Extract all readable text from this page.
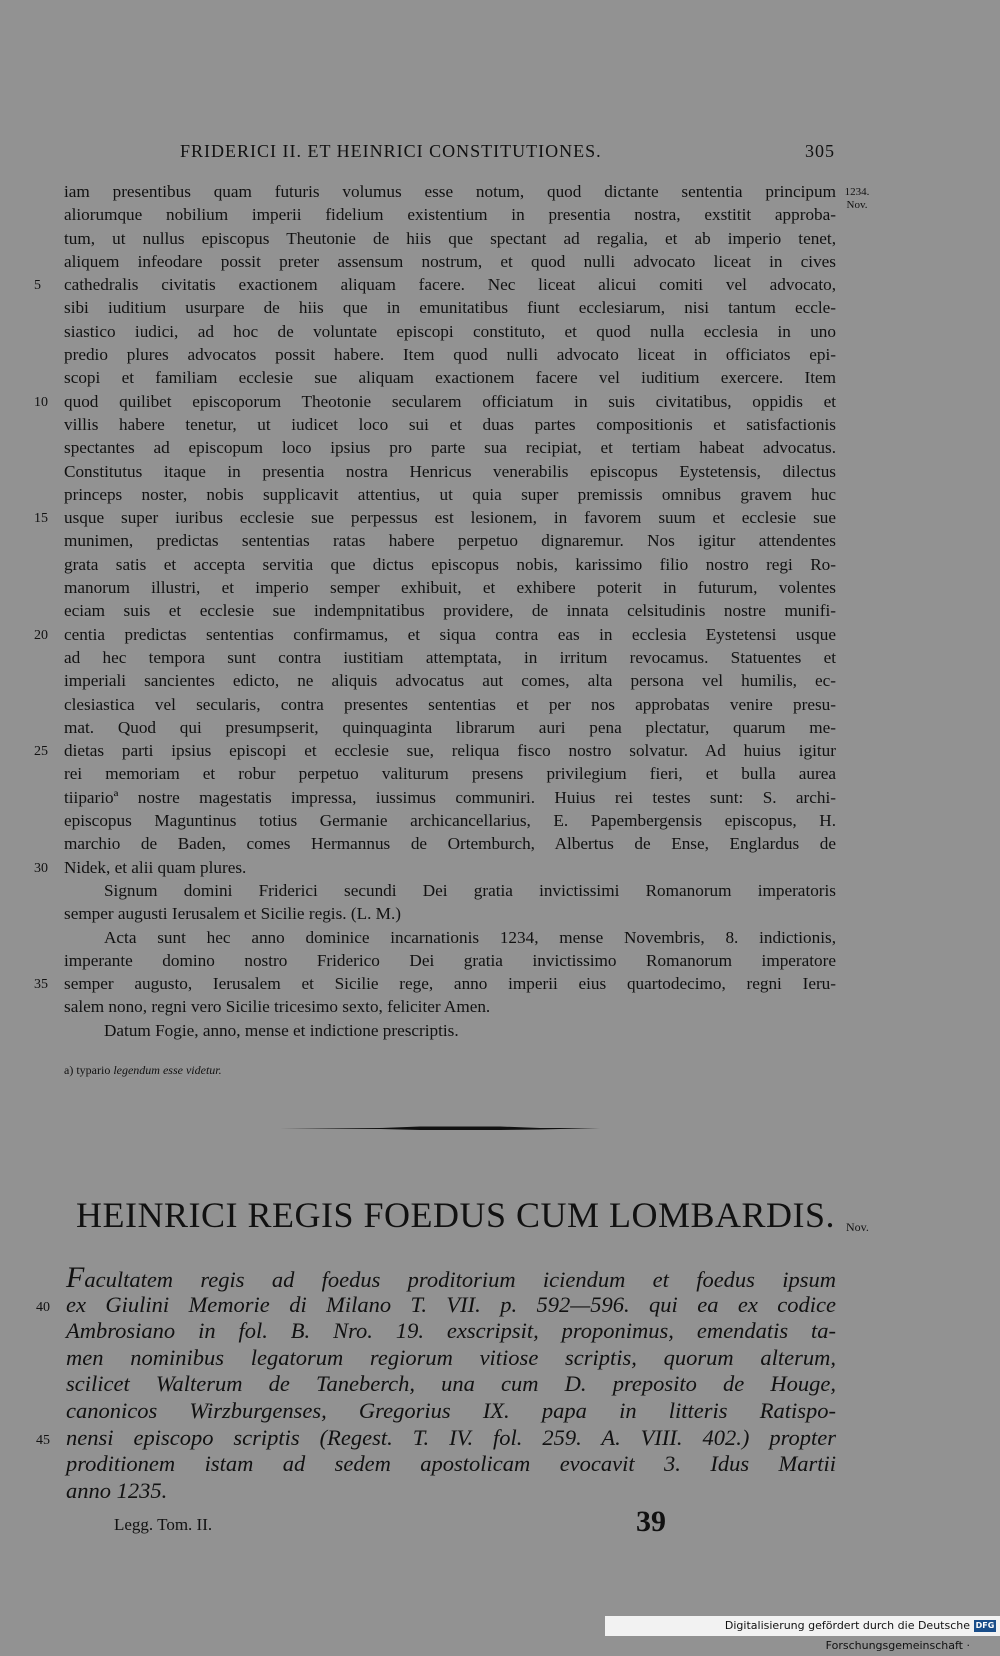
FRIDERICI II. ET HEINRICI CONSTITUTIONES.	305
1234.
Nov.
iam presentibus quam futuris volumus esse notum, quod dictante sententia principum
aliorumque nobilium imperii fidelium existentium in presentia nostra, exstitit approba-
tum, ut nullus episcopus Theutonie de hiis que spectant ad regalia, et ab imperio tenet,
aliquem infeodare possit preter assensum nostrum, et quod nulli advocato liceat in cives
5	cathedralis civitatis exactionem aliquam facere. Nec liceat alicui comiti vel advocato,
sibi iuditium usurpare de hiis que in emunitatibus fiunt ecclesiarum, nisi tantum eccle-
siastico iudici, ad hoc de voluntate episcopi constituto, et quod nulla ecclesia in uno
predio plures advocatos possit habere. Item quod nulli advocato liceat in officiatos epi-
scopi et familiam ecclesie sue aliquam exactionem facere vel iuditium exercere. Item
10 quod quilibet episcoporum Theotonie secularem officiatum in suis civitatibus, oppidis et
villis habere tenetur, ut iudicet loco sui et duas partes compositionis et satisfactionis
spectantes ad episcopum loco ipsius pro parte sua recipiat, et tertiam habeat advocatus.
Constitutus itaque in presentia nostra Henricus venerabilis episcopus Eystetensis, dilectus
princeps noster, nobis supplicavit attentius, ut quia super premissis omnibus gravem huc
15 usque super iuribus ecclesie sue perpessus est lesionem, in favorem suum et ecclesie sue
munimen, predictas sententias ratas habere perpetuo dignaremur. Nos igitur attendentes
grata satis et accepta servitia que dictus episcopus nobis, karissimo filio nostro regi Ro-
manorum illustri, et imperio semper exhibuit, et exhibere poterit in futurum, volentes
eciam suis et ecclesie sue indempnitatibus providere, de innata celsitudinis nostre munifi-
20 centia predictas sententias confirmamus, et siqua contra eas in ecclesia Eystetensi usque
ad hec tempora sunt contra iustitiam attemptata, in irritum revocamus. Statuentes et
imperiali sancientes edicto, ne aliquis advocatus aut comes, alta persona vel humilis, ec-
clesiastica vel secularis, contra presentes sententias et per nos approbatas venire presu-
mat. Quod qui presumpserit, quinquaginta librarum auri pena plectatur, quarum me-
25 dietas parti ipsius episcopi et ecclesie sue, reliqua fisco nostro solvatur. Ad huius igitur
rei memoriam et robur perpetuo valiturum presens privilegium fieri, et bulla aurea
tiiparioª nostre magestatis impressa, iussimus communiri. Huius rei testes sunt: S. archi-
episcopus Maguntinus totius Germanie archicancellarius, E. Papembergensis episcopus, H.
marchio de Baden, comes Hermannus de Ortemburch, Albertus de Ense, Englardus de
30 Nidek, et alii quam plures.
Signum domini Friderici secundi Dei gratia invictissimi Romanorum imperatoris
semper augusti Ierusalem et Sicilie regis. (L. M.)
Acta sunt hec anno dominice incarnationis 1234, mense Novembris, 8. indictionis,
imperante domino nostro Friderico Dei gratia invictissimo Romanorum imperatore
35 semper augusto, Ierusalem et Sicilie rege, anno imperii eius quartodecimo, regni Ieru-
salem nono, regni vero Sicilie tricesimo sexto, feliciter Amen.
Datum Fogie, anno, mense et indictione prescriptis.
a) typario legendum esse videtur.
HEINRICI REGIS FOEDUS CUM LOMBARDIS. Nov.
Facultatem regis ad foedus proditorium iciendum et foedus ipsum
40 ex Giulini Memorie di Milano T. VII. p. 592—596. qui ea ex codice
Ambrosiano in fol. B. Nro. 19. exscripsit, proponimus, emendatis ta-
men nominibus legatorum regiorum vitiose scriptis, quorum alterum,
scilicet Walterum de Taneberch, una cum D. preposito de Houge,
canonicos Wirzburgenses, Gregorius IX. papa in litteris Ratispo-
45 nensi episcopo scriptis (Regest. T. IV. fol. 259. A. VIII. 402.) propter
proditionem istam ad sedem apostolicam evocavit 3. Idus Martii
anno 1235.
Legg. Tom. II.	39
Digitalisierung gefördert durch die Deutsche Forschungsgemeinschaft ·
DFG
